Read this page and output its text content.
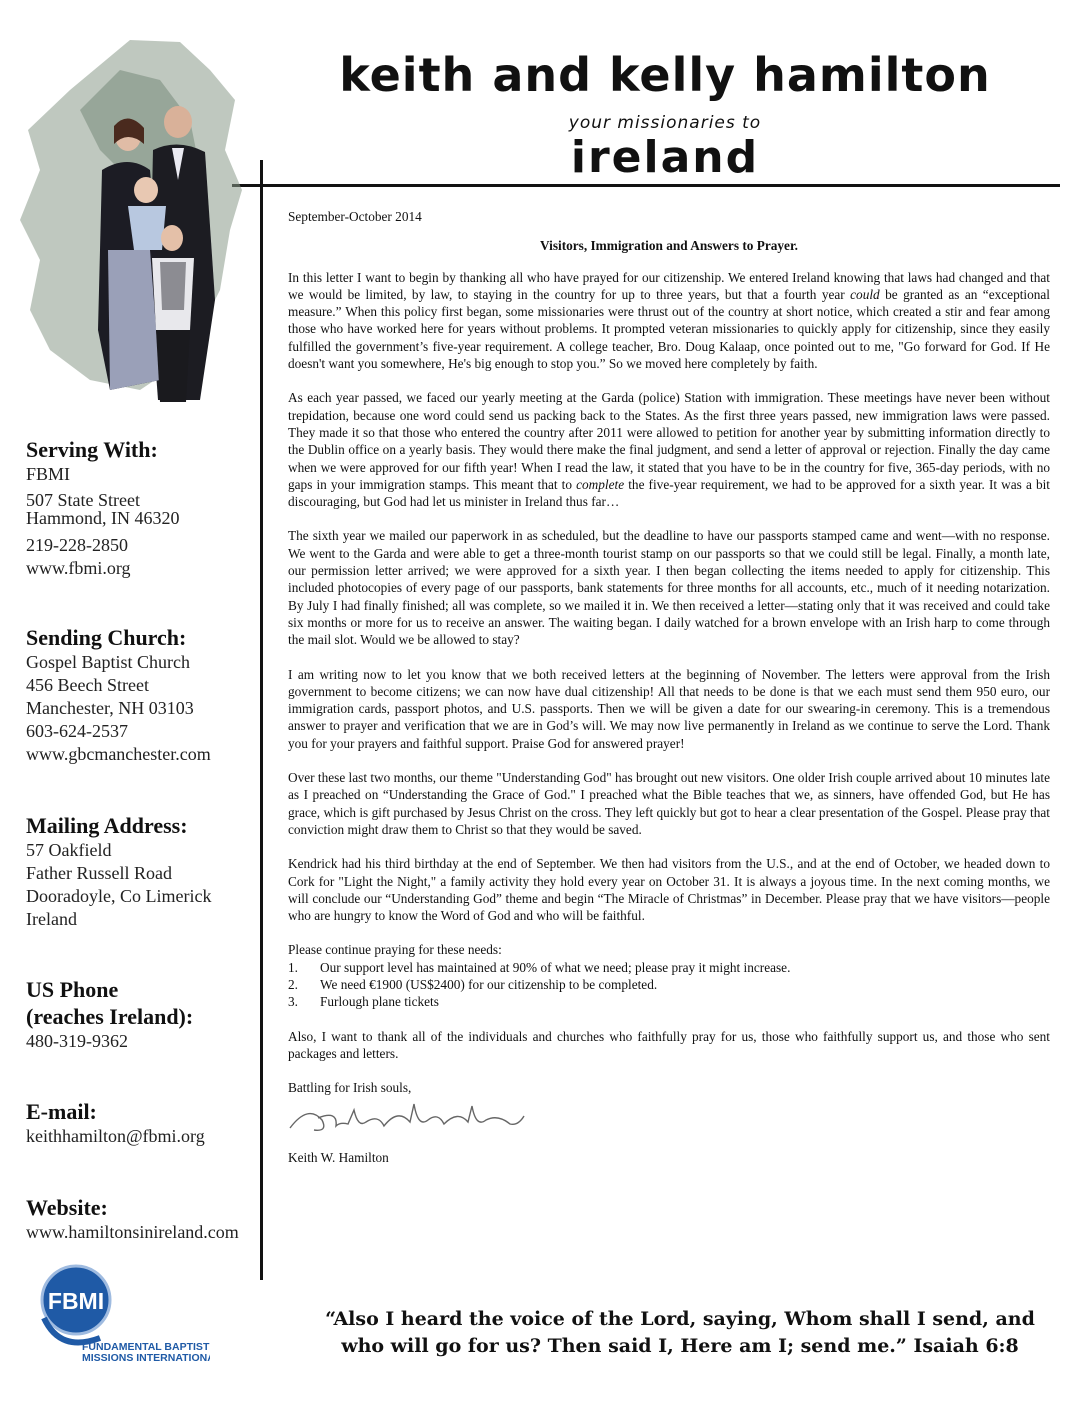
keith and kelly hamilton
your missionaries to
ireland

Serving With:

FBMI

507 State Street

Hammond, IN 46320

219-228-2850

www.fbmi.org

Sending Church:

Gospel Baptist Church

456 Beech Street

Manchester, NH 03103

603-624-2537

www.gbcmanchester.com

Mailing Address:

57 Oakfield

Father Russell Road

Dooradoyle, Co Limerick

Ireland

US Phone

(reaches Ireland):

480-319-9362

E-mail:

keithhamilton@fbmi.org

Website:

www.hamiltonsinireland.com

September-October 2014

Visitors, Immigration and Answers to Prayer.

In this letter I want to begin by thanking all who have prayed for our citizenship. We entered Ireland knowing that laws had changed and that we would be limited, by law, to staying in the country for up to three years, but that a fourth year could be granted as an “exceptional measure.” When this policy first began, some missionaries were thrust out of the country at short notice, which created a stir and fear among those who have worked here for years without problems. It prompted veteran missionaries to quickly apply for citizenship, since they easily fulfilled the government’s five-year requirement. A college teacher, Bro. Doug Kalaap, once pointed out to me, "Go forward for God. If He doesn't want you somewhere, He's big enough to stop you.” So we moved here completely by faith.

As each year passed, we faced our yearly meeting at the Garda (police) Station with immigration. These meetings have never been without trepidation, because one word could send us packing back to the States. As the first three years passed, new immigration laws were passed. They made it so that those who entered the country after 2011 were allowed to petition for another year by submitting information directly to the Dublin office on a yearly basis. They would there make the final judgment, and send a letter of approval or rejection. Finally the day came when we were approved for our fifth year! When I read the law, it stated that you have to be in the country for five, 365-day periods, with no gaps in your immigration stamps. This meant that to complete the five-year requirement, we had to be approved for a sixth year. It was a bit discouraging, but God had let us minister in Ireland thus far…

The sixth year we mailed our paperwork in as scheduled, but the deadline to have our passports stamped came and went—with no response. We went to the Garda and were able to get a three-month tourist stamp on our passports so that we could still be legal. Finally, a month late, our permission letter arrived; we were approved for a sixth year. I then began collecting the items needed to apply for citizenship. This included photocopies of every page of our passports, bank statements for three months for all accounts, etc., much of it needing notarization. By July I had finally finished; all was complete, so we mailed it in. We then received a letter—stating only that it was received and could take six months or more for us to receive an answer. The waiting began. I daily watched for a brown envelope with an Irish harp to come through the mail slot. Would we be allowed to stay?

I am writing now to let you know that we both received letters at the beginning of November. The letters were approval from the Irish government to become citizens; we can now have dual citizenship! All that needs to be done is that we each must send them 950 euro, our immigration cards, passport photos, and U.S. passports. Then we will be given a date for our swearing-in ceremony. This is a tremendous answer to prayer and verification that we are in God’s will. We may now live permanently in Ireland as we continue to serve the Lord. Thank you for your prayers and faithful support. Praise God for answered prayer!

Over these last two months, our theme "Understanding God" has brought out new visitors. One older Irish couple arrived about 10 minutes late as I preached on “Understanding the Grace of God." I preached what the Bible teaches that we, as sinners, have offended God, but He has grace, which is gift purchased by Jesus Christ on the cross. They left quickly but got to hear a clear presentation of the Gospel. Please pray that conviction might draw them to Christ so that they would be saved.

Kendrick had his third birthday at the end of September. We then had visitors from the U.S., and at the end of October, we headed down to Cork for "Light the Night," a family activity they hold every year on October 31. It is always a joyous time. In the next coming months, we will conclude our “Understanding God” theme and begin “The Miracle of Christmas” in December. Please pray that we have visitors—people who are hungry to know the Word of God and who will be faithful.

Please continue praying for these needs:

1.	Our support level has maintained at 90% of what we need; please pray it might increase.
2.	We need €1900 (US$2400) for our citizenship to be completed.
3.	Furlough plane tickets

Also, I want to thank all of the individuals and churches who faithfully pray for us, those who faithfully support us, and those who sent packages and letters.

Battling for Irish souls,

Keith W. Hamilton

FBMI
FUNDAMENTAL BAPTIST
MISSIONS INTERNATIONAL
“Also I heard the voice of the Lord, saying, Whom shall I send, and
who will go for us? Then said I, Here am I; send me.” Isaiah 6:8
